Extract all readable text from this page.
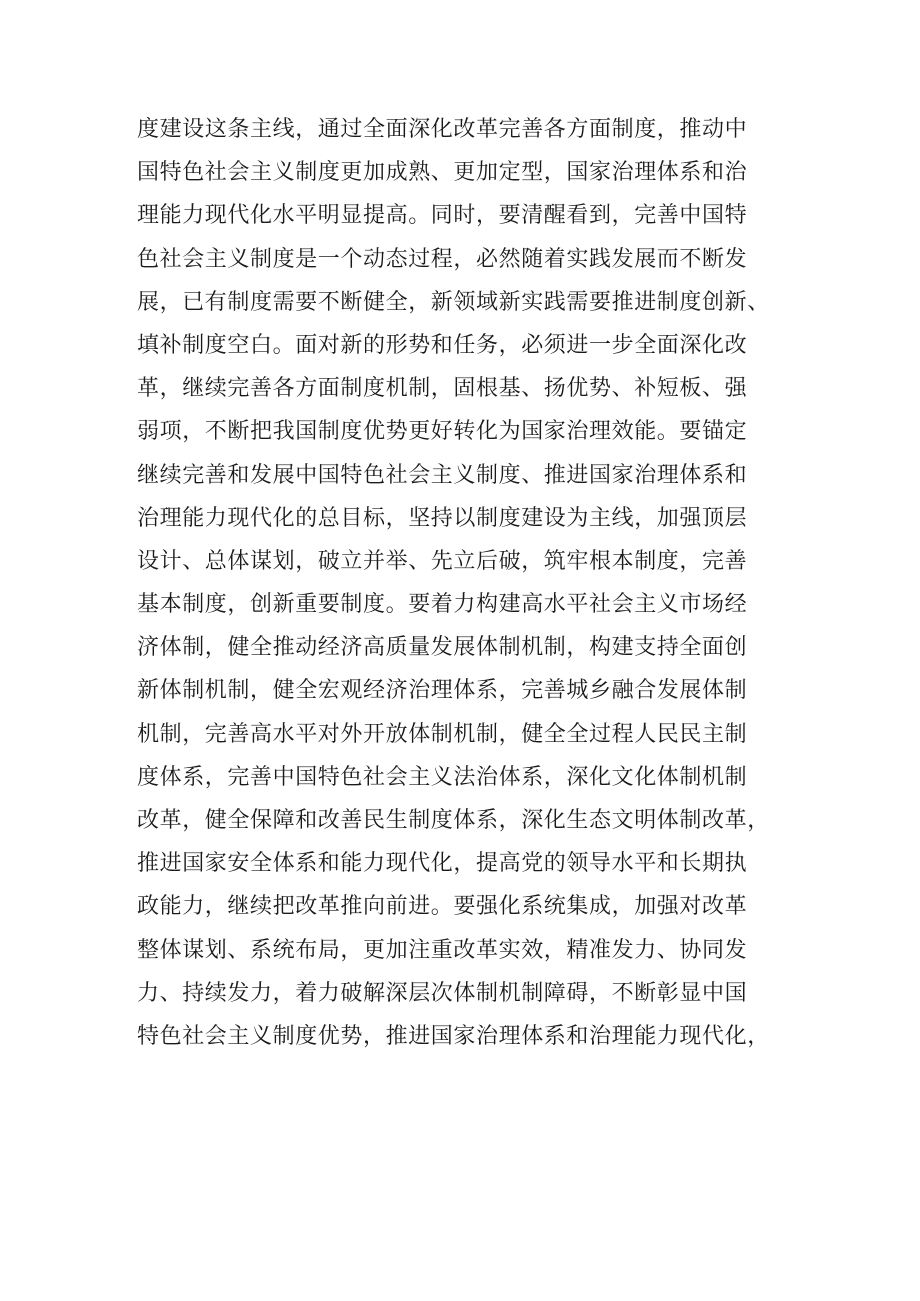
度建设这条主线，通过全面深化改革完善各方面制度，推动中
国特色社会主义制度更加成熟、更加定型，国家治理体系和治
理能力现代化水平明显提高。同时，要清醒看到，完善中国特
色社会主义制度是一个动态过程，必然随着实践发展而不断发
展，已有制度需要不断健全，新领域新实践需要推进制度创新、
填补制度空白。面对新的形势和任务，必须进一步全面深化改
革，继续完善各方面制度机制，固根基、扬优势、补短板、强
弱项，不断把我国制度优势更好转化为国家治理效能。要锚定
继续完善和发展中国特色社会主义制度、推进国家治理体系和
治理能力现代化的总目标，坚持以制度建设为主线，加强顶层
设计、总体谋划，破立并举、先立后破，筑牢根本制度，完善
基本制度，创新重要制度。要着力构建高水平社会主义市场经
济体制，健全推动经济高质量发展体制机制，构建支持全面创
新体制机制，健全宏观经济治理体系，完善城乡融合发展体制
机制，完善高水平对外开放体制机制，健全全过程人民民主制
度体系，完善中国特色社会主义法治体系，深化文化体制机制
改革，健全保障和改善民生制度体系，深化生态文明体制改革，
推进国家安全体系和能力现代化，提高党的领导水平和长期执
政能力，继续把改革推向前进。要强化系统集成，加强对改革
整体谋划、系统布局，更加注重改革实效，精准发力、协同发
力、持续发力，着力破解深层次体制机制障碍，不断彰显中国
特色社会主义制度优势，推进国家治理体系和治理能力现代化，
